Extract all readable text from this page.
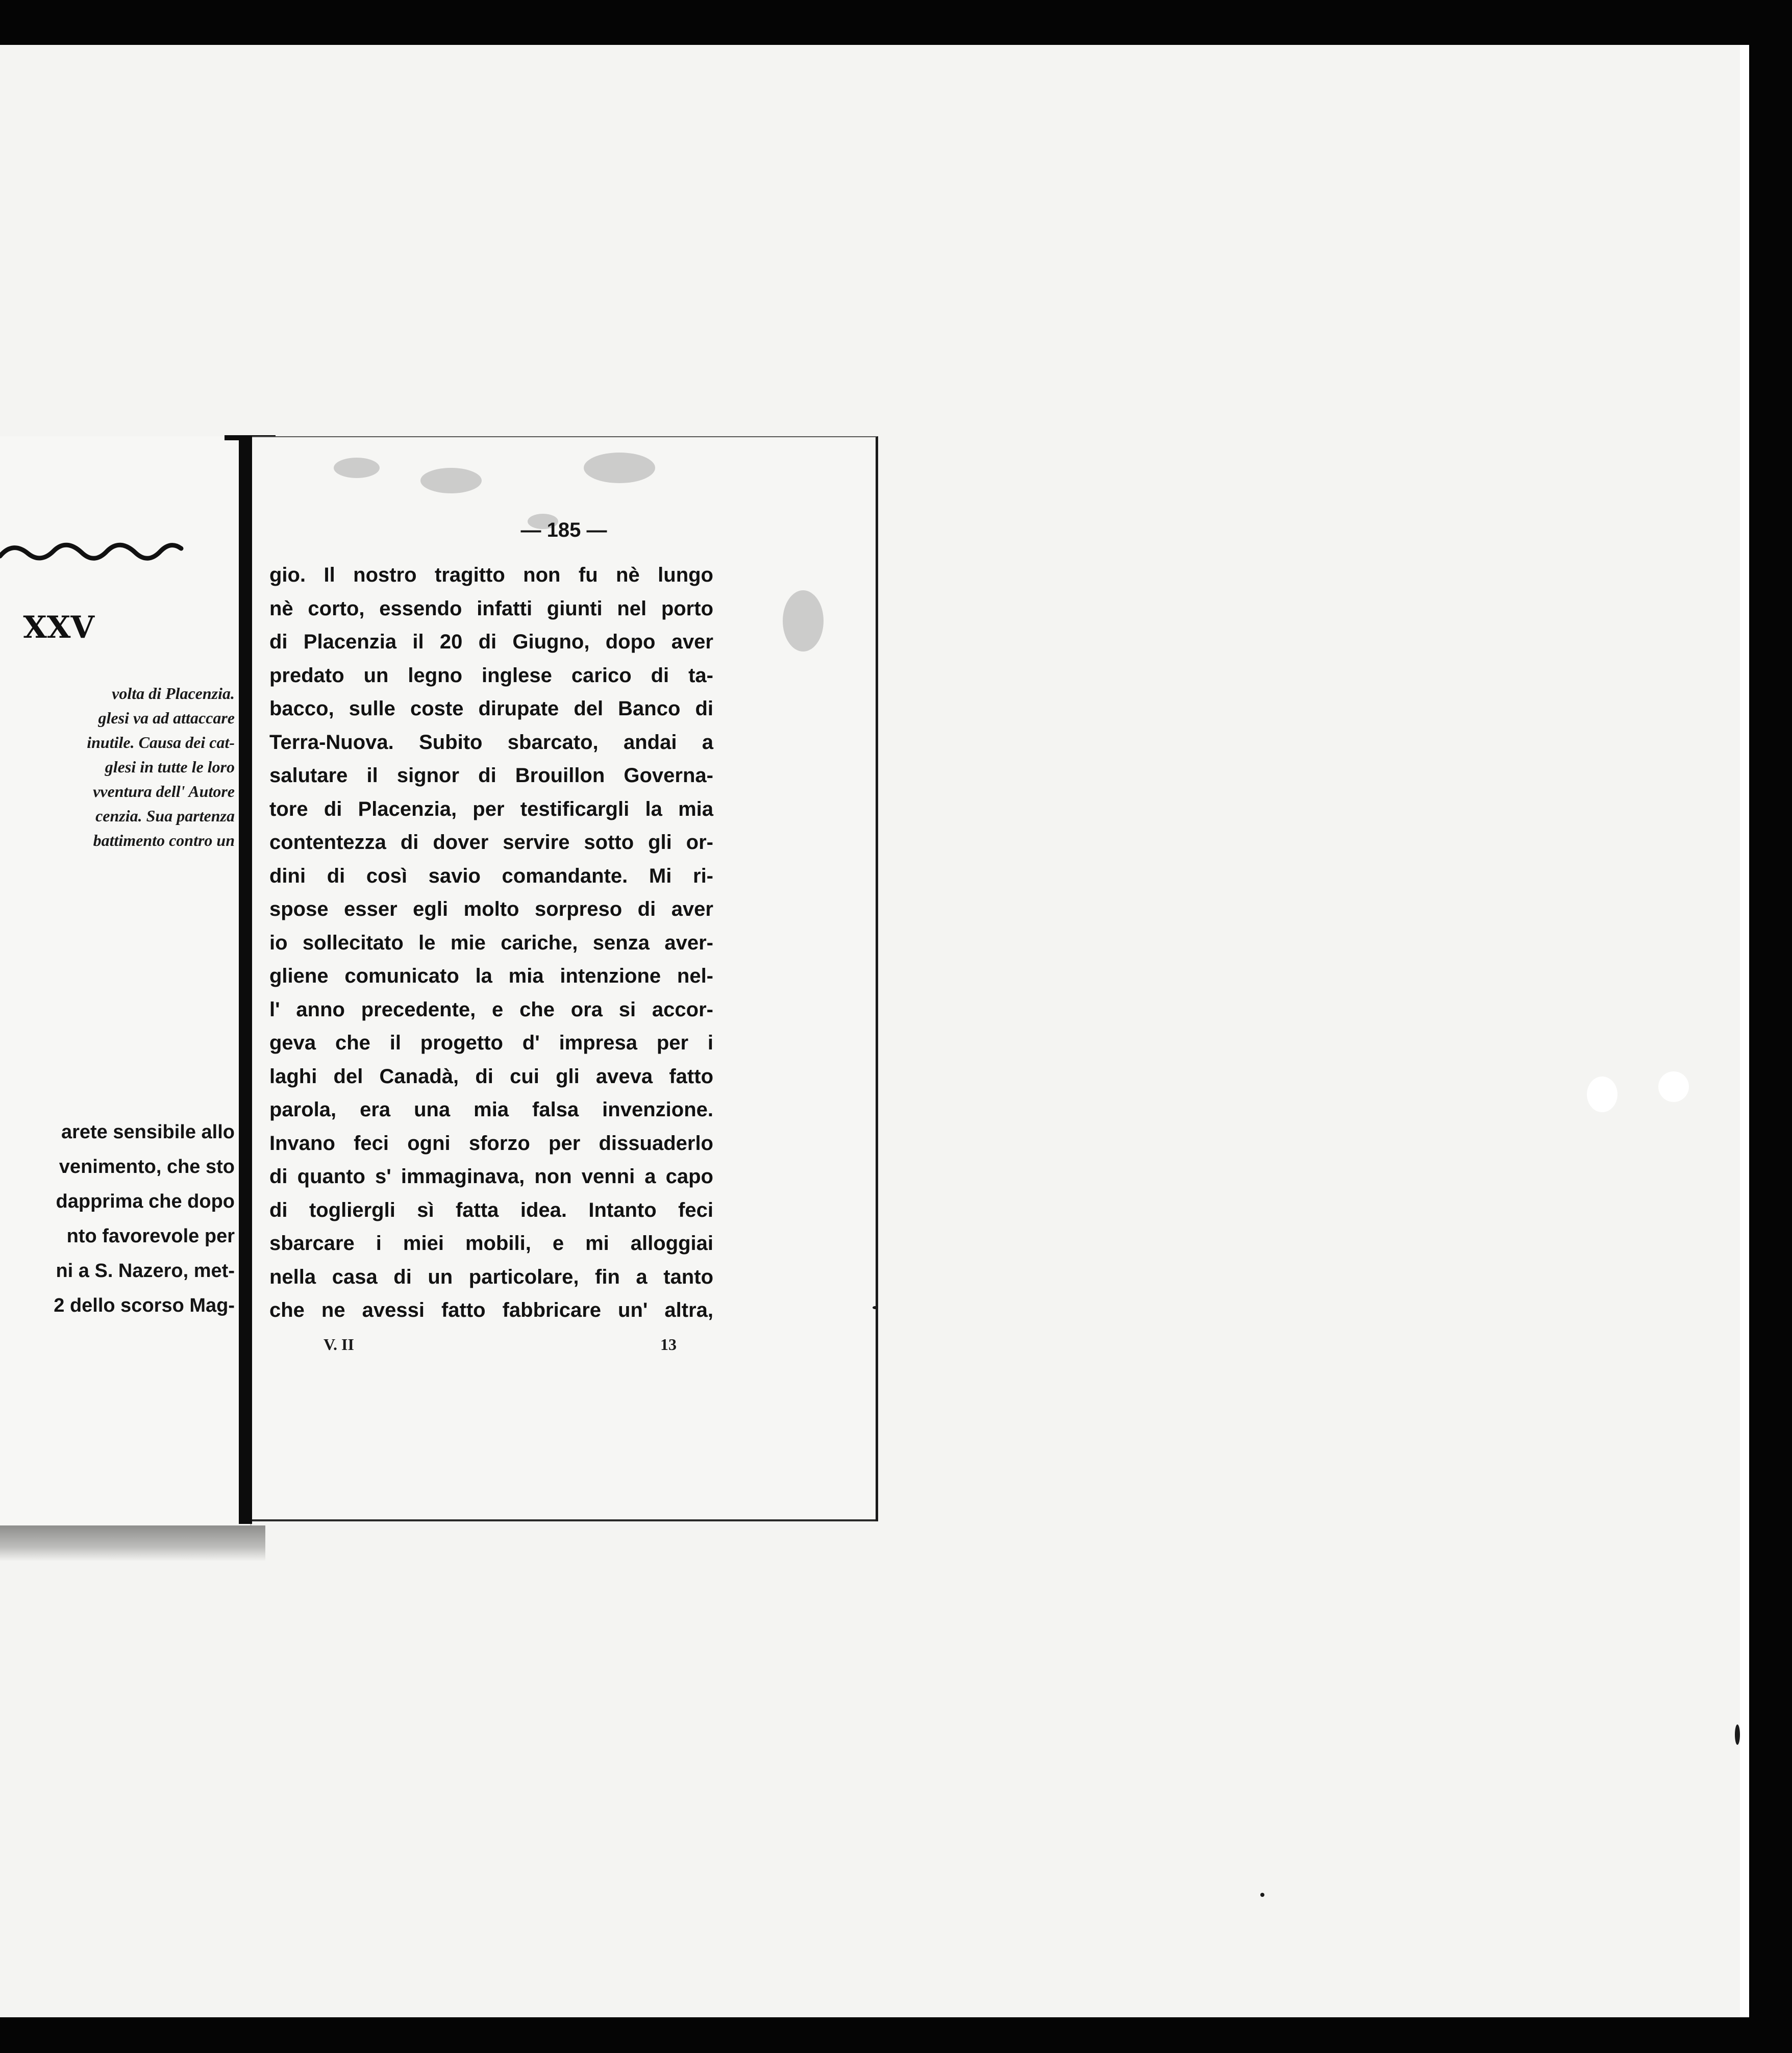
XXV
volta di Placenzia.
glesi va ad attaccare
inutile. Causa dei cat-
glesi in tutte le loro
vventura dell' Autore
cenzia. Sua partenza
battimento contro un
arete sensibile allo
venimento, che sto
dapprima che dopo
nto favorevole per
ni a S. Nazero, met-
2 dello scorso Mag-
— 185 —
gio. Il nostro tragitto non fu nè lungo
nè corto, essendo infatti giunti nel porto
di Placenzia il 20 di Giugno, dopo aver
predato un legno inglese carico di ta-
bacco, sulle coste dirupate del Banco di
Terra-Nuova. Subito sbarcato, andai a
salutare il signor di Brouillon Governa-
tore di Placenzia, per testificargli la mia
contentezza di dover servire sotto gli or-
dini di così savio comandante. Mi ri-
spose esser egli molto sorpreso di aver
io sollecitato le mie cariche, senza aver-
gliene comunicato la mia intenzione nel-
l' anno precedente, e che ora si accor-
geva che il progetto d' impresa per i
laghi del Canadà, di cui gli aveva fatto
parola, era una mia falsa invenzione.
Invano feci ogni sforzo per dissuaderlo
di quanto s' immaginava, non venni a capo
di togliergli sì fatta idea. Intanto feci
sbarcare i miei mobili, e mi alloggiai
nella casa di un particolare, fin a tanto
che ne avessi fatto fabbricare un' altra,
V. II	13
